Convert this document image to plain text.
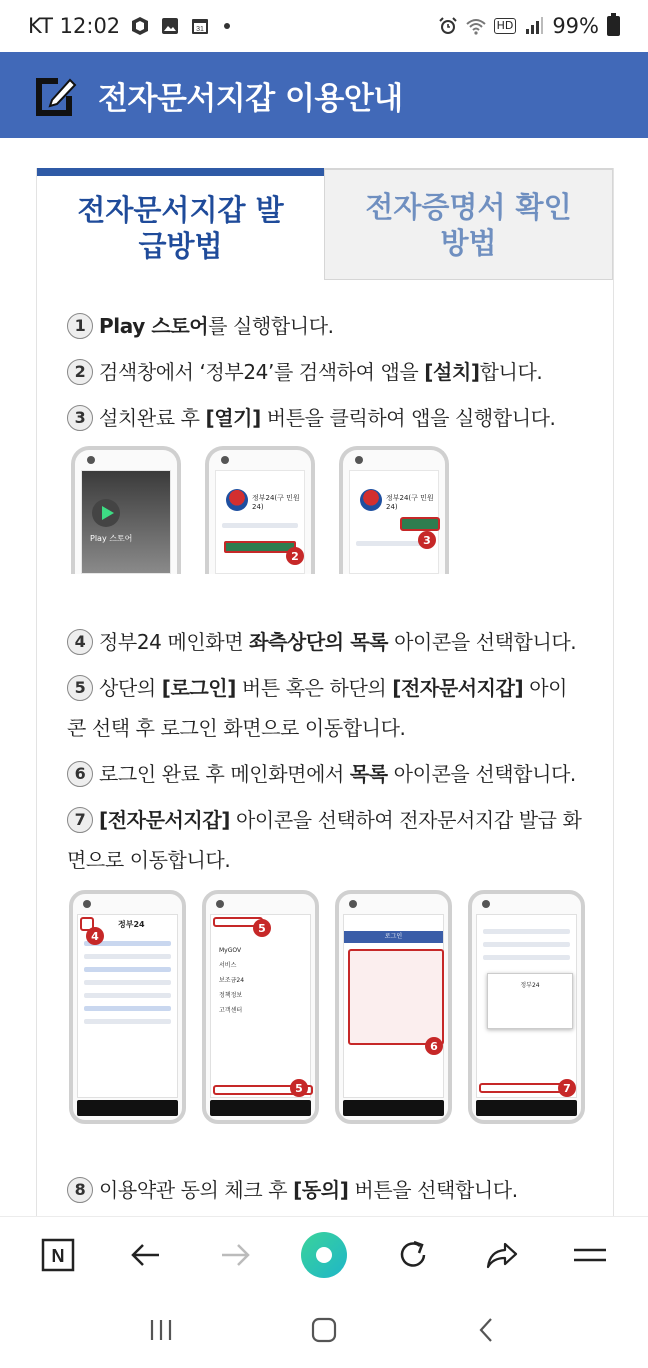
KT 12:02	31	HD 99%
전자문서지갑 이용안내
전자문서지갑 발급방법
전자증명서 확인 방법

1 Play 스토어를 실행합니다.

2 검색창에서 ‘정부24’를 검색하여 앱을 [설치]합니다.

3 설치완료 후 [열기] 버튼을 클릭하여 앱을 실행합니다.

Play 스토어
정부24(구 민원24)
2
정부24(구 민원24)
3

4 정부24 메인화면 좌측상단의 목록 아이콘을 선택합니다.

5 상단의 [로그인] 버튼 혹은 하단의 [전자문서지갑] 아이콘 선택 후 로그인 화면으로 이동합니다.

6 로그인 완료 후 메인화면에서 목록 아이콘을 선택합니다.

7 [전자문서지갑] 아이콘을 선택하여 전자문서지갑 발급 화면으로 이동합니다.

정부24
4
5
MyGOV
서비스
보조금24
정책정보
고객센터
5
로그인
6
정부24
7

8 이용약관 동의 체크 후 [동의] 버튼을 선택합니다.

N
